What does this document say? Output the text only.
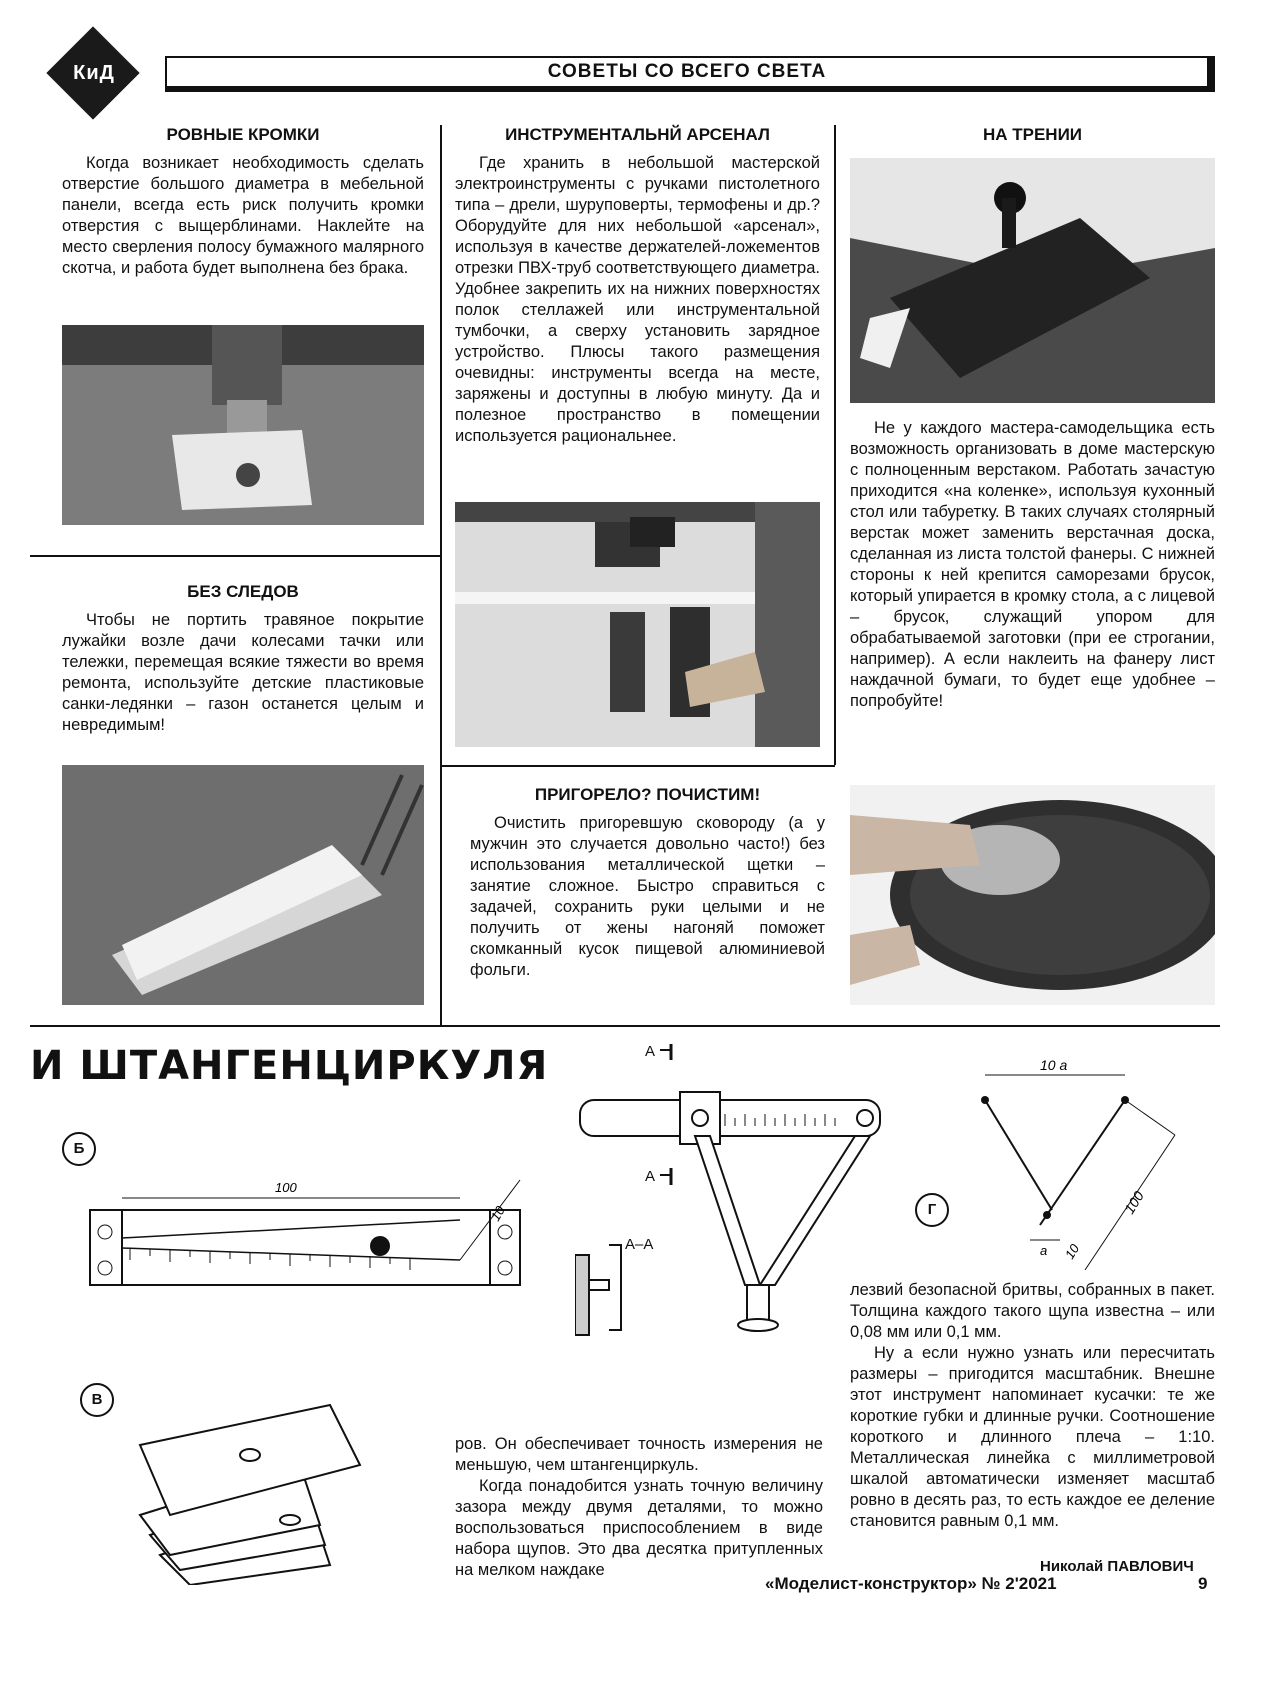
КиД	СОВЕТЫ СО ВСЕГО СВЕТА
РОВНЫЕ КРОМКИ

Когда возникает необходимость сделать отверстие большого диаметра в мебельной панели, всегда есть риск получить кромки отверстия с выщерблинами. Наклейте на место сверления полосу бумажного малярного скотча, и работа будет выполнена без брака.

БЕЗ СЛЕДОВ

Чтобы не портить травяное покрытие лужайки возле дачи колесами тачки или тележки, перемещая всякие тяжести во время ремонта, используйте детские пластиковые санки-ледянки – газон останется целым и невредимым!

ИНСТРУМЕНТАЛЬНЙ АРСЕНАЛ

Где хранить в небольшой мастерской электроинструменты с ручками пистолетного типа – дрели, шуруповерты, термофены и др.? Оборудуйте для них небольшой «арсенал», используя в качестве держателей-ложементов отрезки ПВХ-труб соответствующего диаметра. Удобнее закрепить их на нижних поверхностях полок стеллажей или инструментальной тумбочки, а сверху установить зарядное устройство. Плюсы такого размещения очевидны: инструменты всегда на месте, заряжены и доступны в любую минуту. Да и полезное пространство в помещении используется рациональнее.

НА ТРЕНИИ

Не у каждого мастера-самодельщика есть возможность организовать в доме мастерскую с полноценным верстаком. Работать зачастую приходится «на коленке», используя кухонный стол или табуретку. В таких случаях столярный верстак может заменить верстачная доска, сделанная из листа толстой фанеры. С нижней стороны к ней крепится саморезами брусок, который упирается в кромку стола, а с лицевой – брусок, служащий упором для обрабатываемой заготовки (при ее строгании, например). А если наклеить на фанеру лист наждачной бумаги, то будет еще удобнее – попробуйте!

ПРИГОРЕЛО? ПОЧИСТИМ!

Очистить пригоревшую сковороду (а у мужчин это случается довольно часто!) без использования металлической щетки – занятие сложное. Быстро справиться с задачей, сохранить руки целыми и не получить от жены нагоняй поможет скомканный кусок пищевой алюминиевой фольги.

И ШТАНГЕНЦИРКУЛЯ
Б
100
10
В
А
А
А–А
Г
10 а
100
10
а

ров. Он обеспечивает точность измерения не меньшую, чем штангенциркуль.

Когда понадобится узнать точную величину зазора между двумя деталями, то можно воспользоваться приспособлением в виде набора щупов. Это два десятка притупленных на мелком наждаке

лезвий безопасной бритвы, собранных в пакет. Толщина каждого такого щупа известна – или 0,08 мм или 0,1 мм.

Ну а если нужно узнать или пересчитать размеры – пригодится масштабник. Внешне этот инструмент напоминает кусачки: те же короткие губки и длинные ручки. Соотношение короткого и длинного плеча – 1:10. Металлическая линейка с миллиметровой шкалой автоматически изменяет масштаб ровно в десять раз, то есть каждое ее деление становится равным 0,1 мм.

Николай ПАВЛОВИЧ
«Моделист-конструктор» № 2'2021	9
